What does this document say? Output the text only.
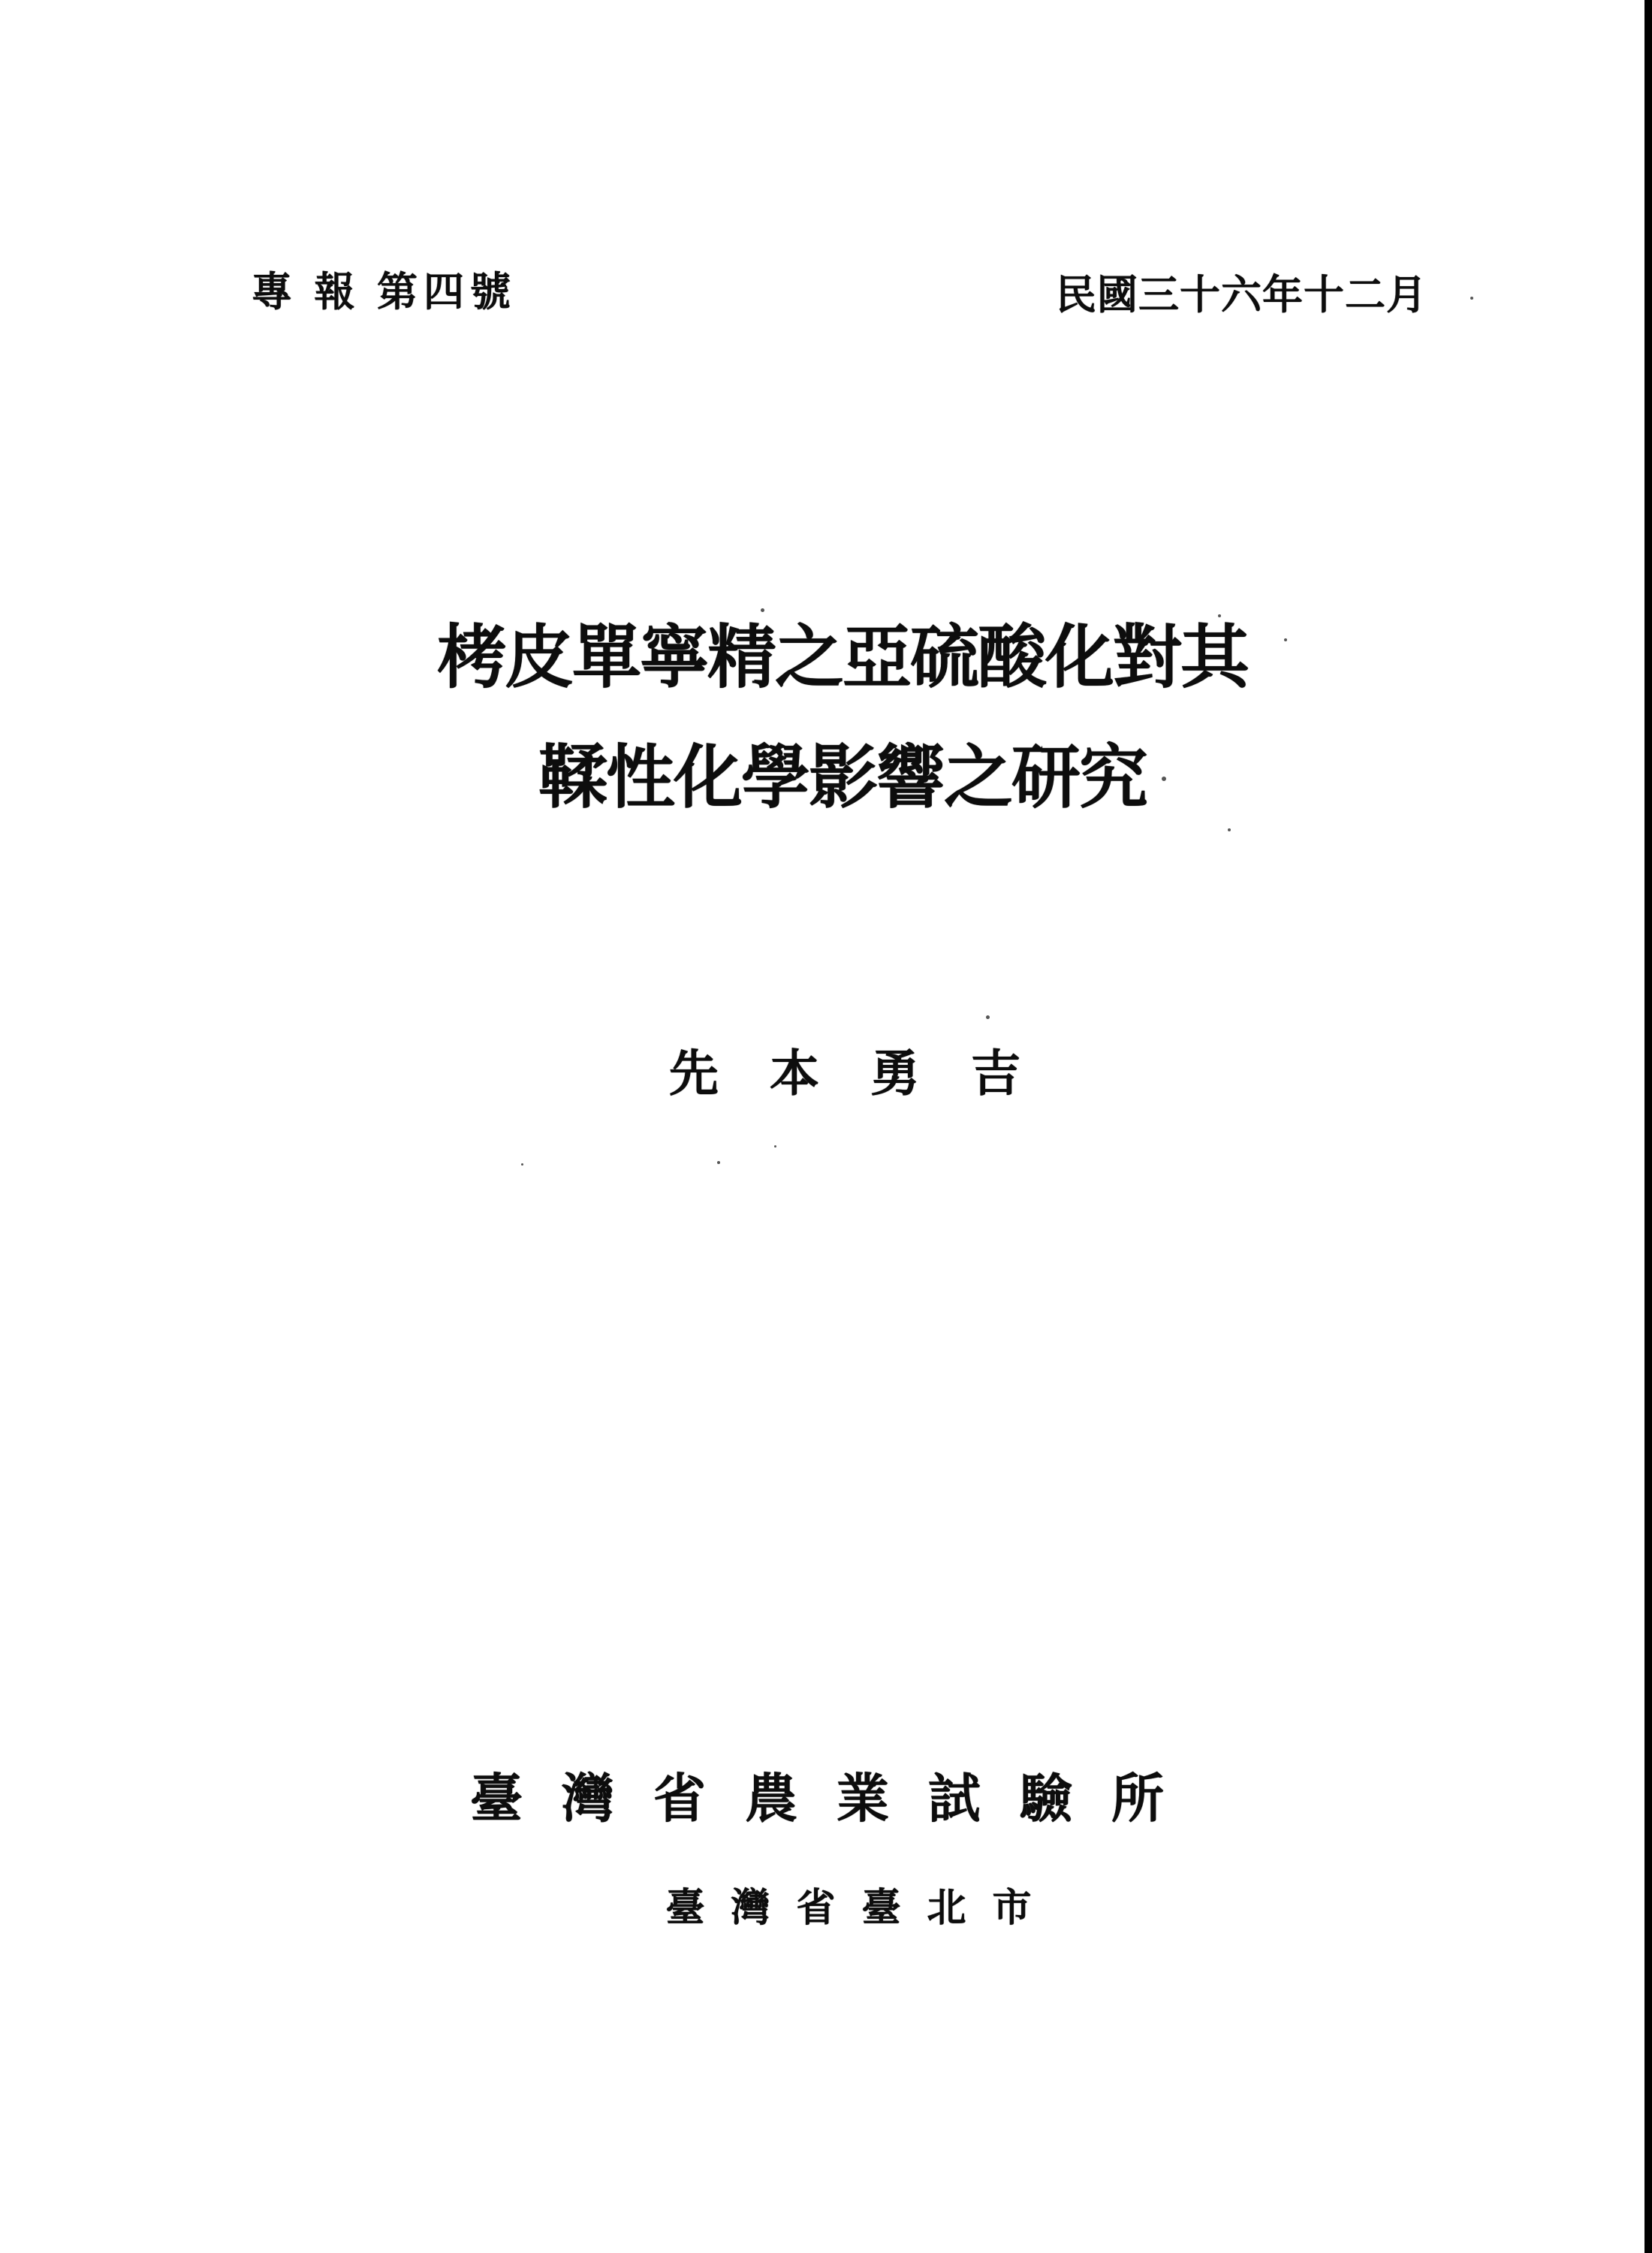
專 報 第四號	民國三十六年十二月
栲皮單寧精之亞硫酸化對其
鞣性化學影響之研究
先本勇吉
臺灣省農業試驗所
臺灣省臺北市
